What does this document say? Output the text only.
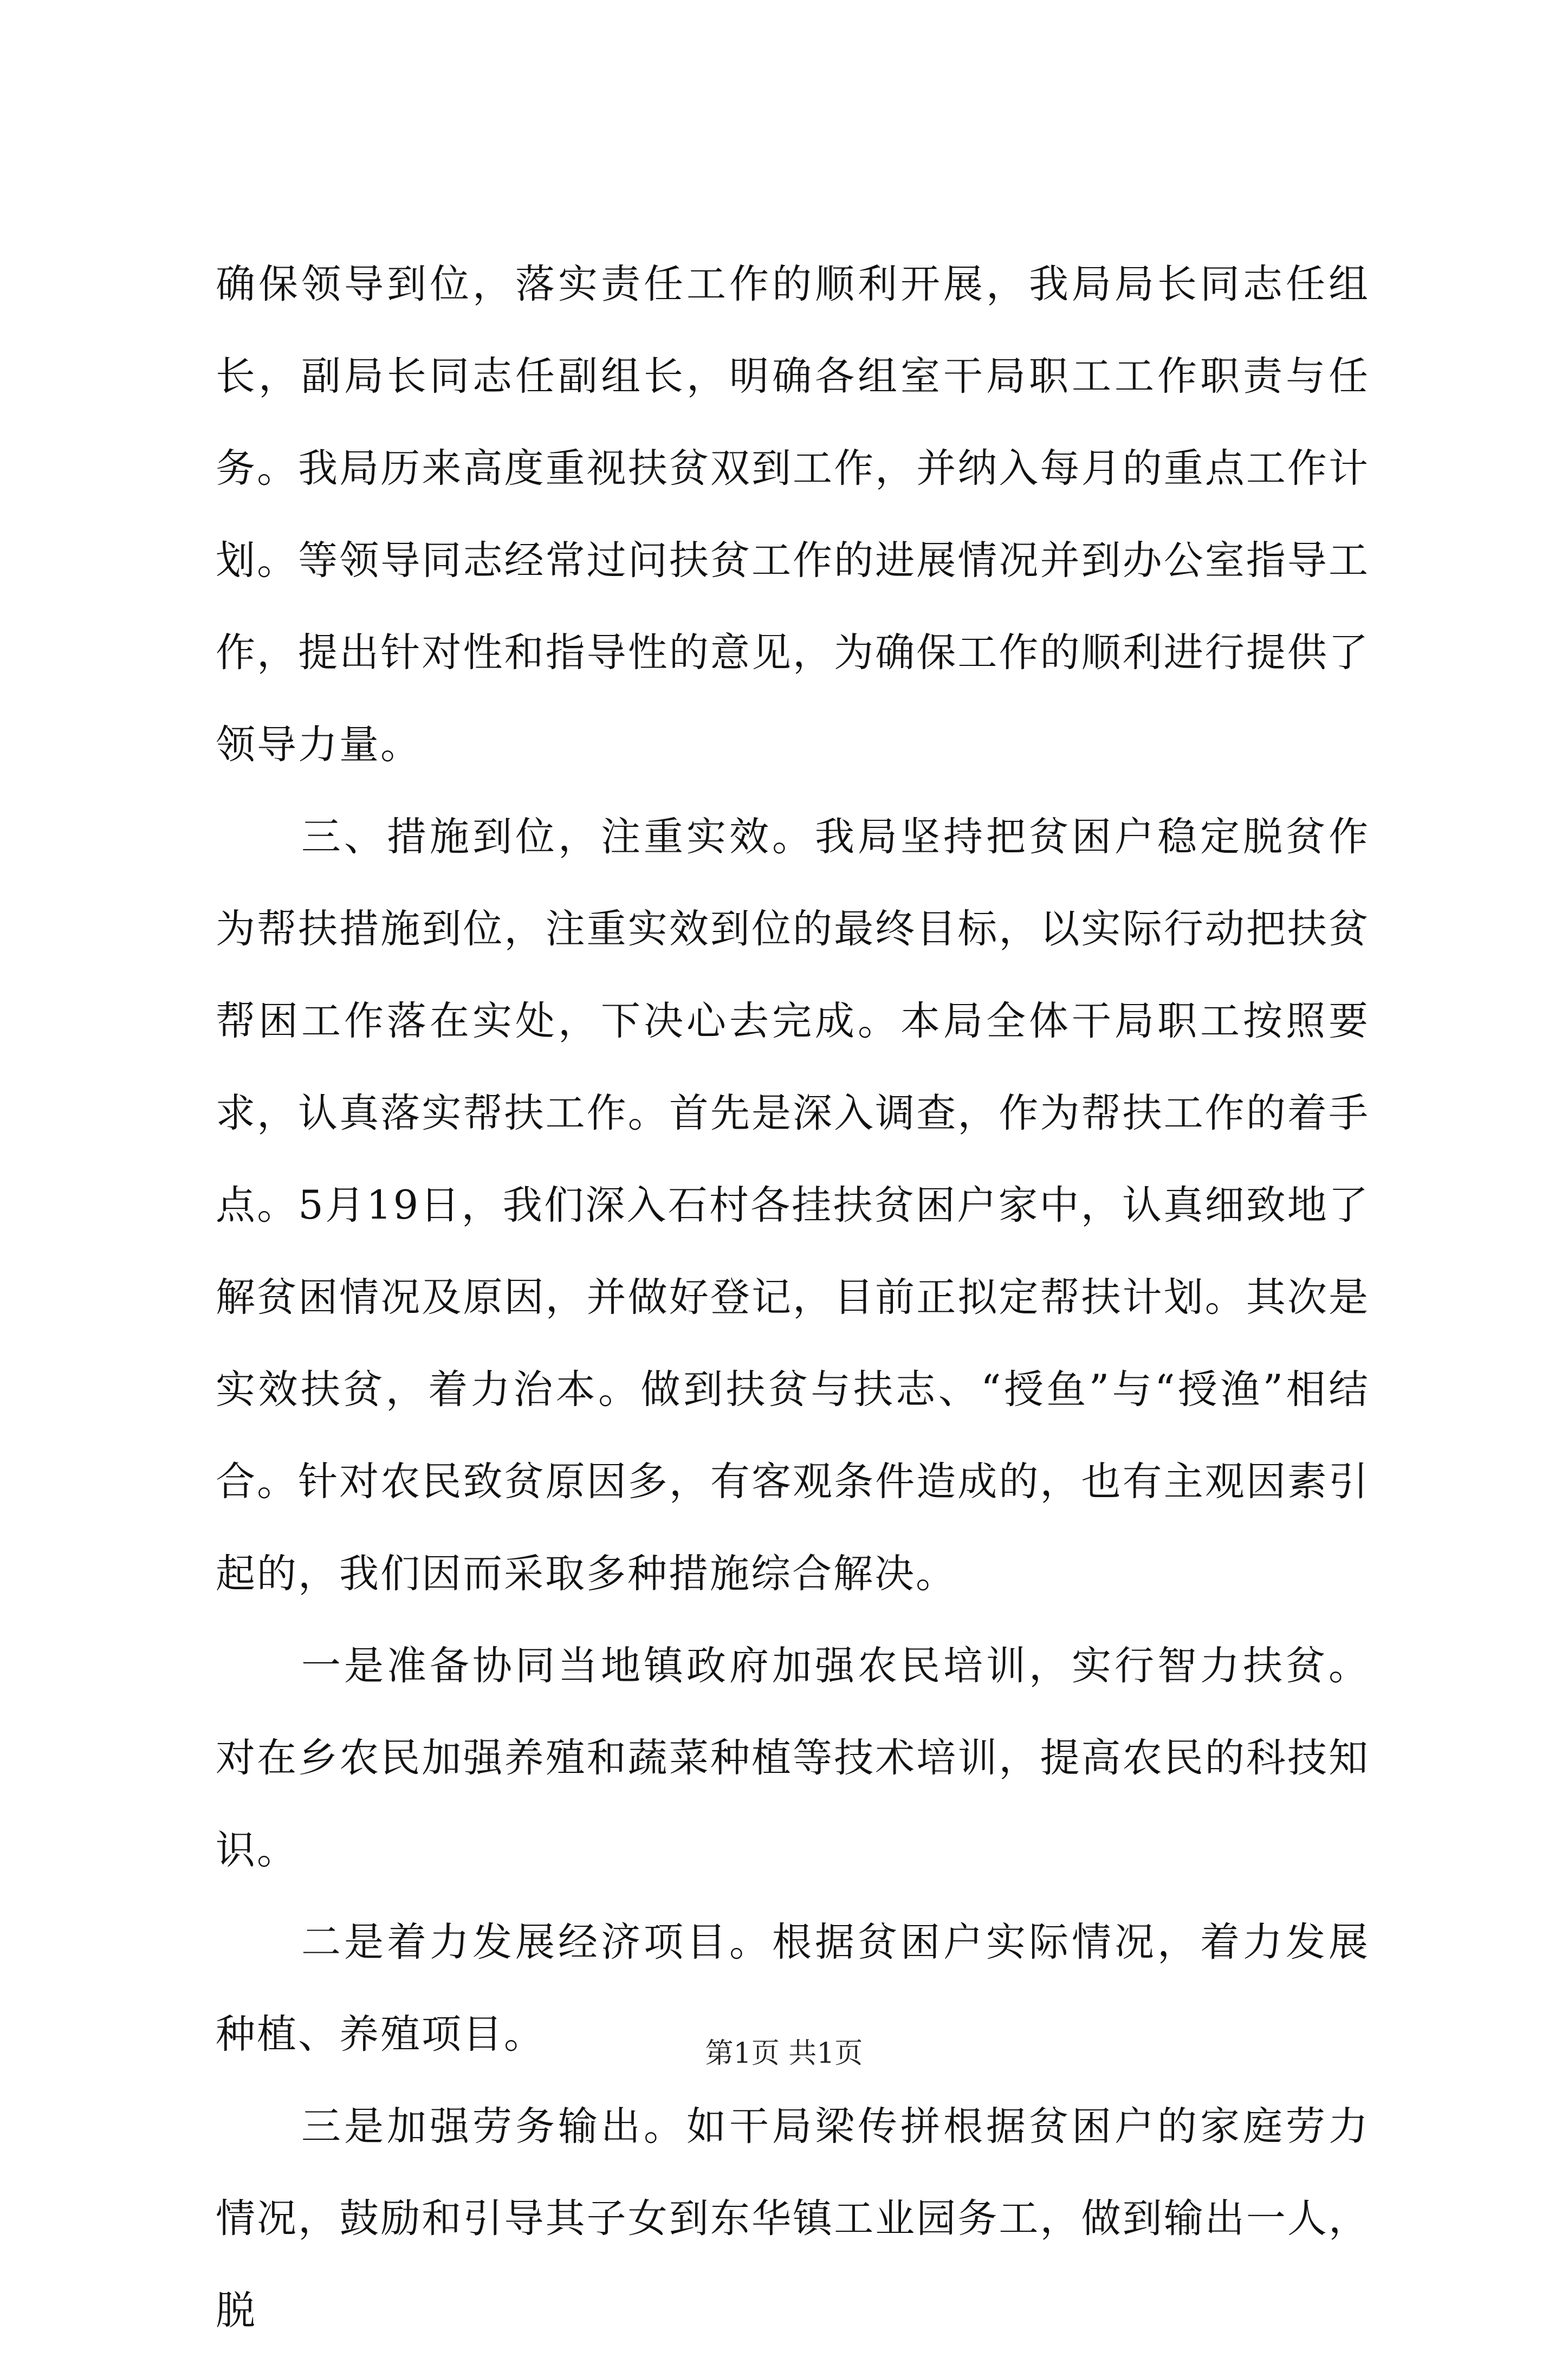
确保领导到位，落实责任工作的顺利开展，我局局长同志任组长，副局长同志任副组长，明确各组室干局职工工作职责与任务。我局历来高度重视扶贫双到工作，并纳入每月的重点工作计划。等领导同志经常过问扶贫工作的进展情况并到办公室指导工作，提出针对性和指导性的意见，为确保工作的顺利进行提供了领导力量。

三、措施到位，注重实效。我局坚持把贫困户稳定脱贫作为帮扶措施到位，注重实效到位的最终目标，以实际行动把扶贫帮困工作落在实处，下决心去完成。本局全体干局职工按照要求，认真落实帮扶工作。首先是深入调查，作为帮扶工作的着手点。5月19日，我们深入石村各挂扶贫困户家中，认真细致地了解贫困情况及原因，并做好登记，目前正拟定帮扶计划。其次是实效扶贫，着力治本。做到扶贫与扶志、“授鱼”与“授渔”相结合。针对农民致贫原因多，有客观条件造成的，也有主观因素引起的，我们因而采取多种措施综合解决。

一是准备协同当地镇政府加强农民培训，实行智力扶贫。对在乡农民加强养殖和蔬菜种植等技术培训，提高农民的科技知识。

二是着力发展经济项目。根据贫困户实际情况，着力发展种植、养殖项目。

三是加强劳务输出。如干局梁传拼根据贫困户的家庭劳力情况，鼓励和引导其子女到东华镇工业园务工，做到输出一人，脱

第1页 共1页
